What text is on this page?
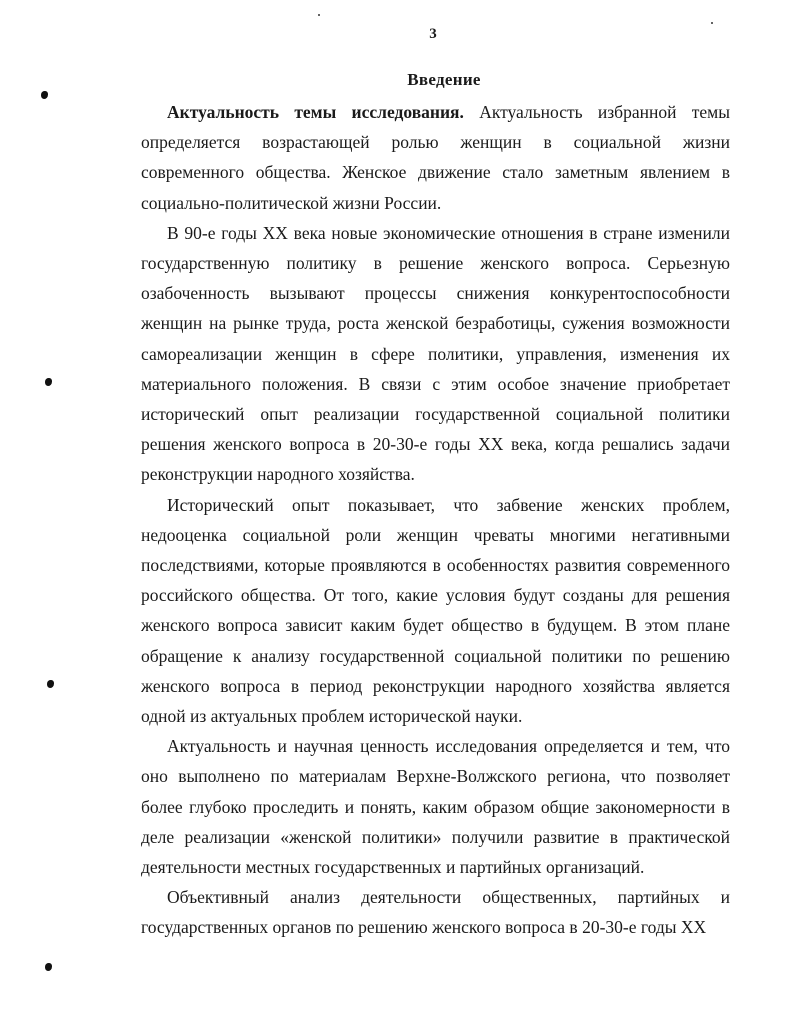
3
Введение

Актуальность темы исследования. Актуальность избранной темы определяется возрастающей ролью женщин в социальной жизни современного общества. Женское движение стало заметным явлением в социально-политической жизни России.

В 90-е годы XX века новые экономические отношения в стране изменили государственную политику в решение женского вопроса. Серьезную озабоченность вызывают процессы снижения конкурентоспособности женщин на рынке труда, роста женской безработицы, сужения возможности самореализации женщин в сфере политики, управления, изменения их материального положения. В связи с этим особое значение приобретает исторический опыт реализации государственной социальной политики решения женского вопроса в 20-30-е годы XX века, когда решались задачи реконструкции народного хозяйства.

Исторический опыт показывает, что забвение женских проблем, недооценка социальной роли женщин чреваты многими негативными последствиями, которые проявляются в особенностях развития современного российского общества. От того, какие условия будут созданы для решения женского вопроса зависит каким будет общество в будущем. В этом плане обращение к анализу государственной социальной политики по решению женского вопроса в период реконструкции народного хозяйства является одной из актуальных проблем исторической науки.

Актуальность и научная ценность исследования определяется и тем, что оно выполнено по материалам Верхне-Волжского региона, что позволяет более глубоко проследить и понять, каким образом общие закономерности в деле реализации «женской политики» получили развитие в практической деятельности местных государственных и партийных организаций.

Объективный анализ деятельности общественных, партийных и государственных органов по решению женского вопроса в 20-30-е годы XX
